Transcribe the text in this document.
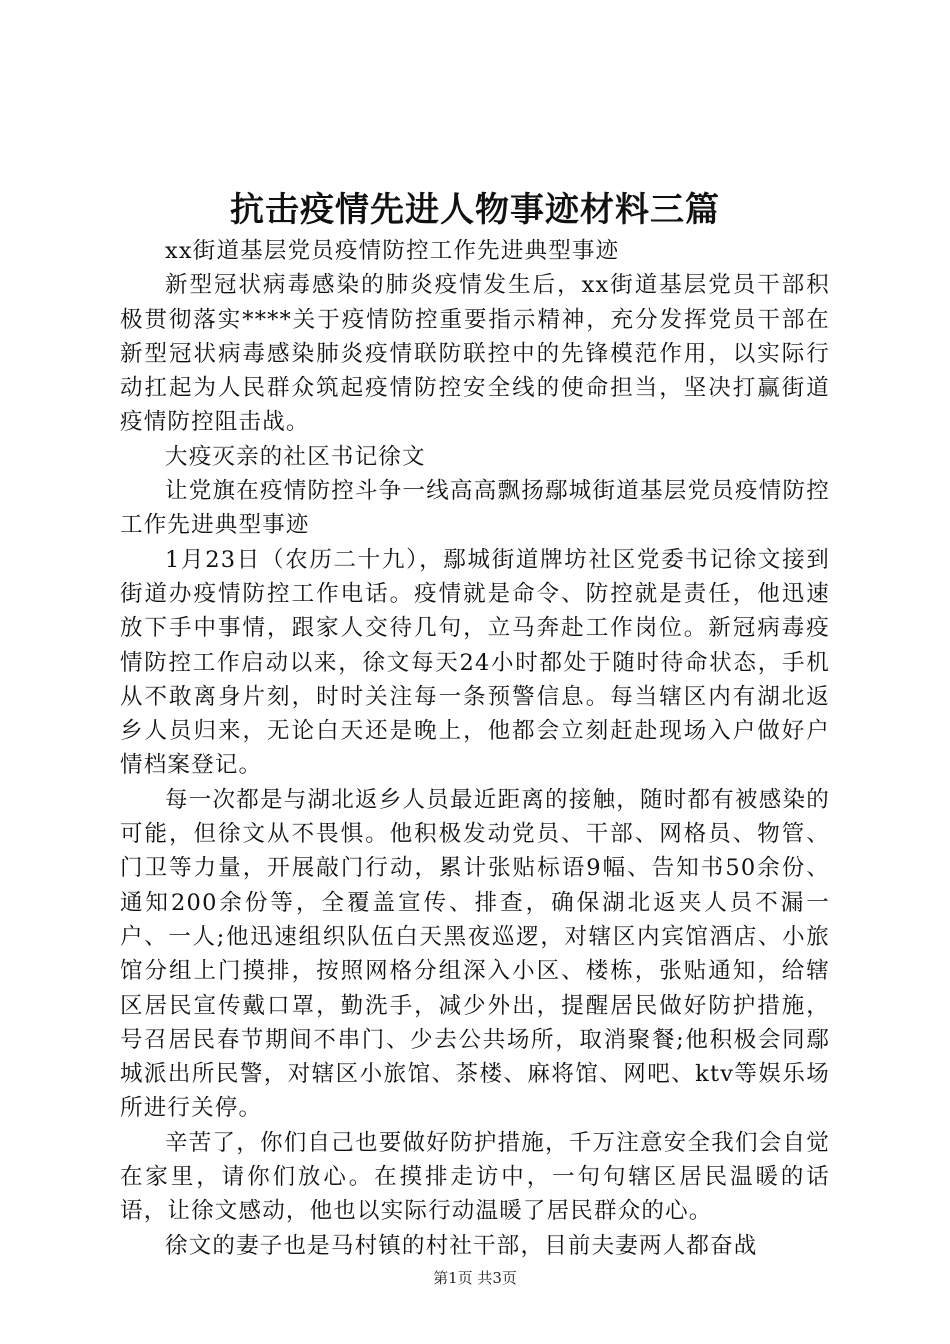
抗击疫情先进人物事迹材料三篇

xx街道基层党员疫情防控工作先进典型事迹

新型冠状病毒感染的肺炎疫情发生后，xx街道基层党员干部积极贯彻落实****关于疫情防控重要指示精神，充分发挥党员干部在新型冠状病毒感染肺炎疫情联防联控中的先锋模范作用，以实际行动扛起为人民群众筑起疫情防控安全线的使命担当，坚决打赢街道疫情防控阻击战。

大疫灭亲的社区书记徐文

让党旗在疫情防控斗争一线高高飘扬鄢城街道基层党员疫情防控工作先进典型事迹

1月23日（农历二十九），鄢城街道牌坊社区党委书记徐文接到街道办疫情防控工作电话。疫情就是命令、防控就是责任，他迅速放下手中事情，跟家人交待几句，立马奔赴工作岗位。新冠病毒疫情防控工作启动以来，徐文每天24小时都处于随时待命状态，手机从不敢离身片刻，时时关注每一条预警信息。每当辖区内有湖北返乡人员归来，无论白天还是晚上，他都会立刻赶赴现场入户做好户情档案登记。

每一次都是与湖北返乡人员最近距离的接触，随时都有被感染的可能，但徐文从不畏惧。他积极发动党员、干部、网格员、物管、门卫等力量，开展敲门行动，累计张贴标语9幅、告知书50余份、通知200余份等，全覆盖宣传、排查，确保湖北返夹人员不漏一户、一人;他迅速组织队伍白天黑夜巡逻，对辖区内宾馆酒店、小旅馆分组上门摸排，按照网格分组深入小区、楼栋，张贴通知，给辖区居民宣传戴口罩，勤洗手，减少外出，提醒居民做好防护措施，号召居民春节期间不串门、少去公共场所，取消聚餐;他积极会同鄢城派出所民警，对辖区小旅馆、茶楼、麻将馆、网吧、ktv等娱乐场所进行关停。

辛苦了，你们自己也要做好防护措施，千万注意安全我们会自觉在家里，请你们放心。在摸排走访中，一句句辖区居民温暖的话语，让徐文感动，他也以实际行动温暖了居民群众的心。

徐文的妻子也是马村镇的村社干部，目前夫妻两人都奋战

第1页 共3页
